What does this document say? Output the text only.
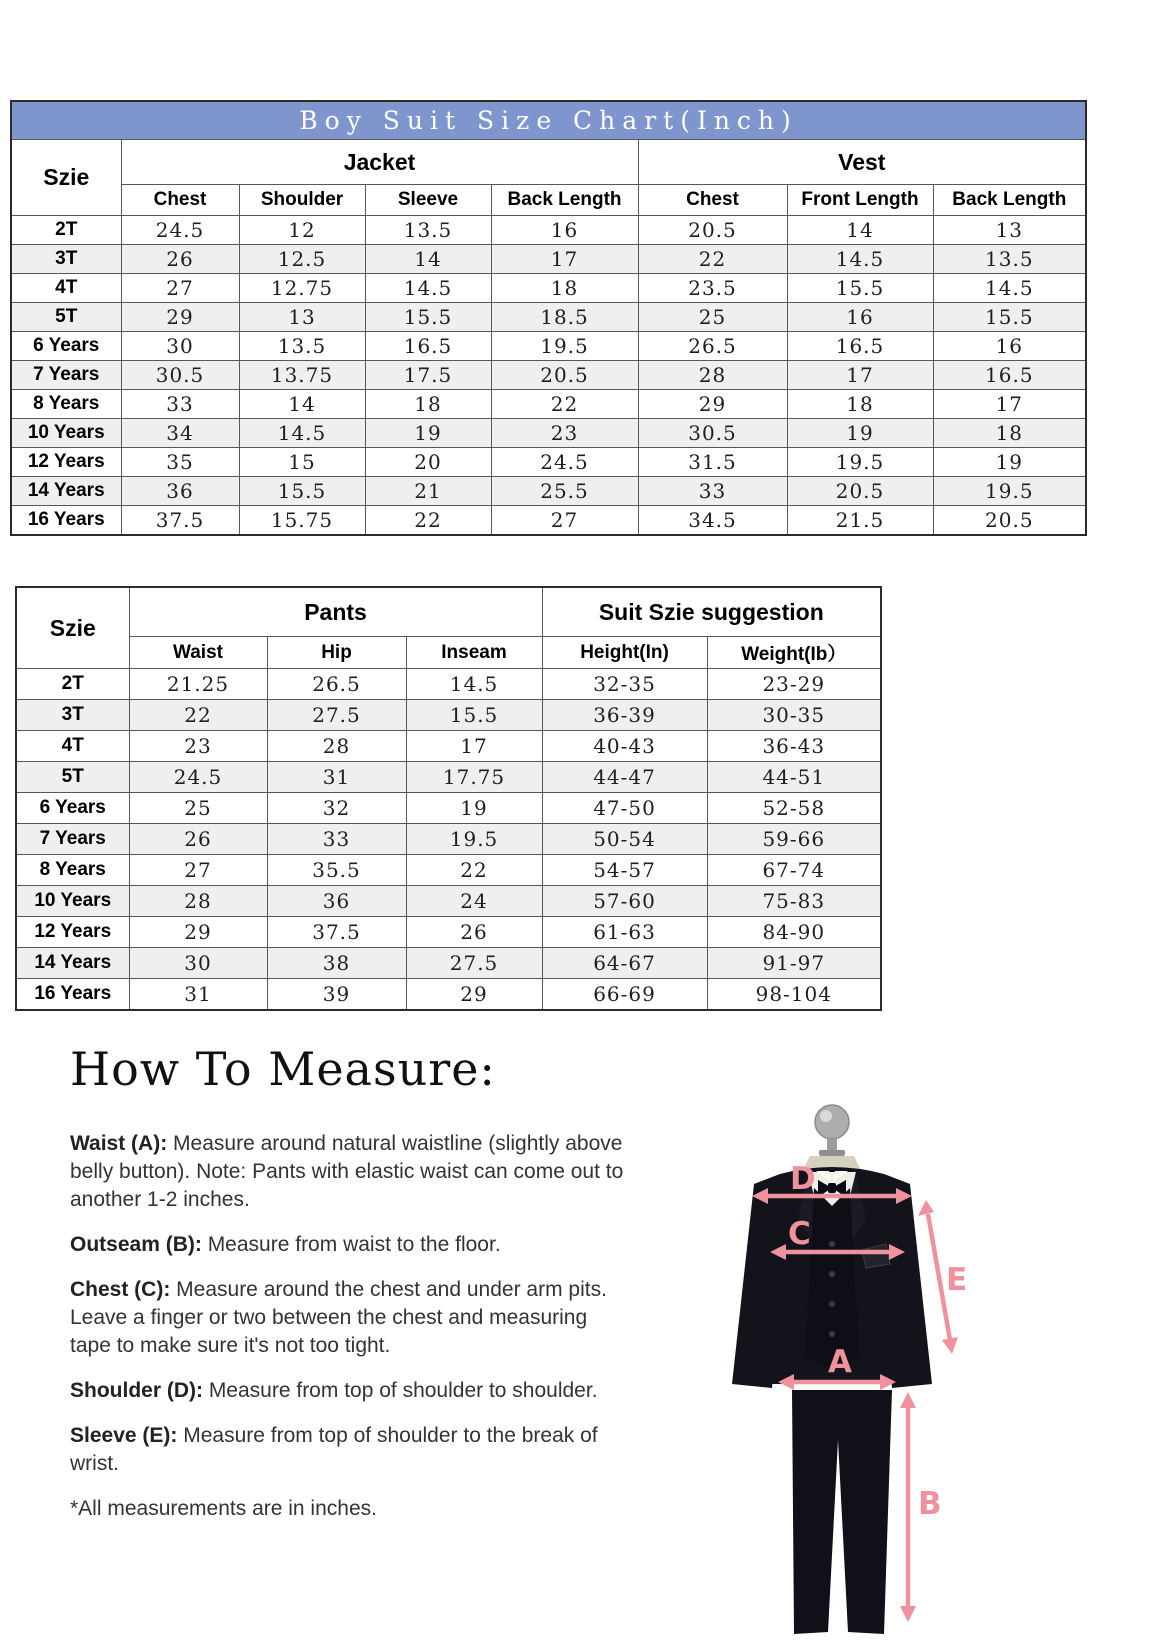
Boy Suit Size Chart(Inch)							
Szie	Jacket				Vest		
	Chest	Shoulder	Sleeve	Back Length	Chest	Front Length	Back Length
2T	24.5	12	13.5	16	20.5	14	13
3T	26	12.5	14	17	22	14.5	13.5
4T	27	12.75	14.5	18	23.5	15.5	14.5
5T	29	13	15.5	18.5	25	16	15.5
6 Years	30	13.5	16.5	19.5	26.5	16.5	16
7 Years	30.5	13.75	17.5	20.5	28	17	16.5
8 Years	33	14	18	22	29	18	17
10 Years	34	14.5	19	23	30.5	19	18
12 Years	35	15	20	24.5	31.5	19.5	19
14 Years	36	15.5	21	25.5	33	20.5	19.5
16 Years	37.5	15.75	22	27	34.5	21.5	20.5
Szie	Pants			Suit Szie suggestion	
	Waist	Hip	Inseam	Height(In)	Weight(Ib）
2T	21.25	26.5	14.5	32-35	23-29
3T	22	27.5	15.5	36-39	30-35
4T	23	28	17	40-43	36-43
5T	24.5	31	17.75	44-47	44-51
6 Years	25	32	19	47-50	52-58
7 Years	26	33	19.5	50-54	59-66
8 Years	27	35.5	22	54-57	67-74
10 Years	28	36	24	57-60	75-83
12 Years	29	37.5	26	61-63	84-90
14 Years	30	38	27.5	64-67	91-97
16 Years	31	39	29	66-69	98-104
How To Measure:

Waist (A): Measure around natural waistline (slightly above belly button). Note: Pants with elastic waist can come out to another 1-2 inches.

Outseam (B): Measure from waist to the floor.

Chest (C): Measure around the chest and under arm pits. Leave a finger or two between the chest and measuring tape to make sure it's not too tight.

Shoulder (D): Measure from top of shoulder to shoulder.

Sleeve (E): Measure from top of shoulder to the break of wrist.

*All measurements are in inches.

D
C
E
A
B
